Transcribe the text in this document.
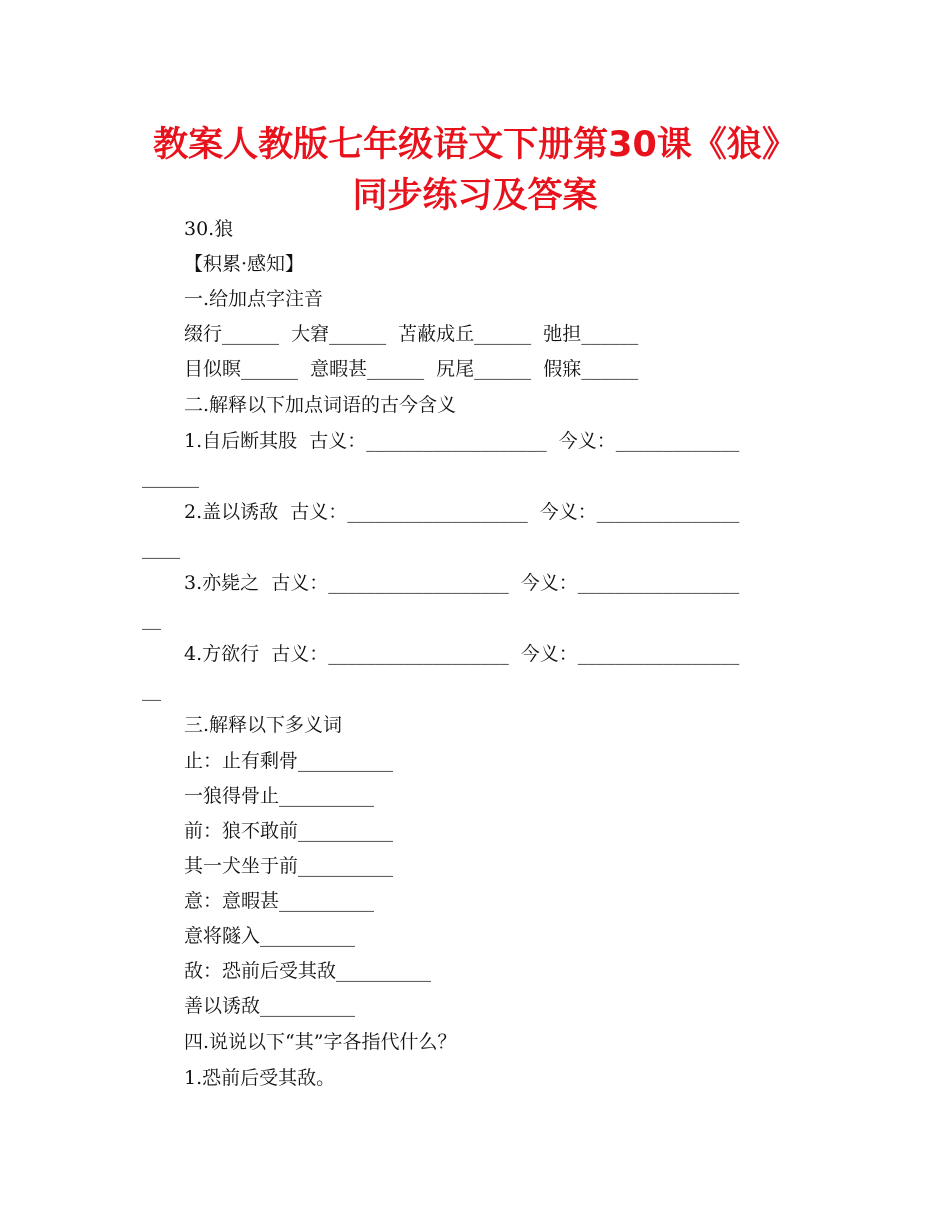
教案人教版七年级语文下册第30课《狼》
同步练习及答案
30.狼
【积累·感知】
一.给加点字注音
缀行______  大窘______  苫蔽成丘______  弛担______
目似瞑______  意暇甚______  尻尾______  假寐______
二.解释以下加点词语的古今含义
1.自后断其股  古义：___________________  今义：_____________
______
2.盖以诱敌  古义：___________________  今义：_______________
____
3.亦毙之  古义：___________________  今义：_________________
__
4.方欲行  古义：___________________  今义：_________________
__
三.解释以下多义词
止：止有剩骨__________
一狼得骨止__________
前：狼不敢前__________
其一犬坐于前__________
意：意暇甚__________
意将隧入__________
敌：恐前后受其敌__________
善以诱敌__________
四.说说以下“其”字各指代什么？
1.恐前后受其敌。
